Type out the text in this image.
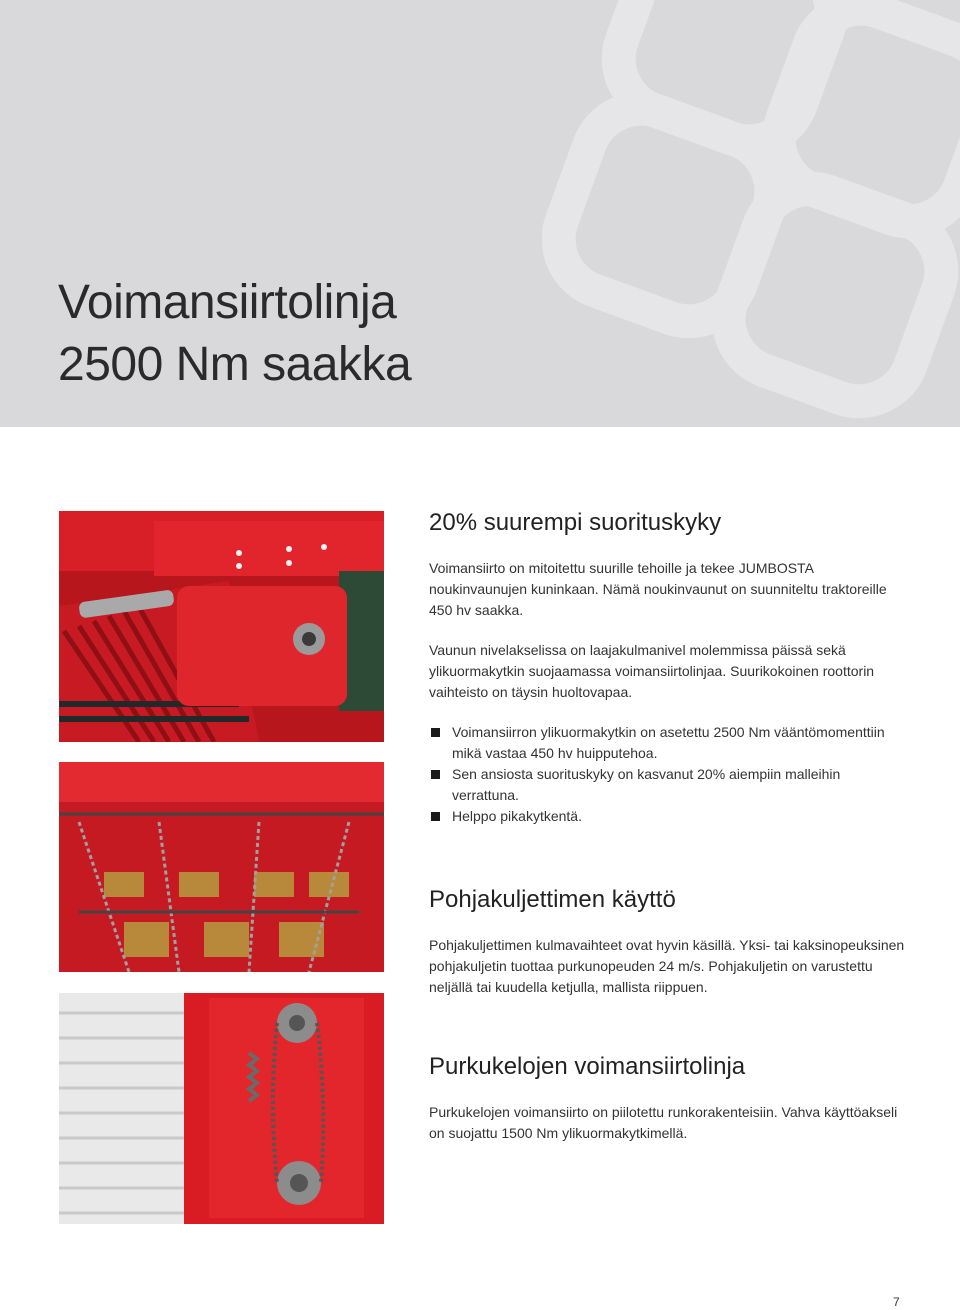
Voimansiirtolinja
2500 Nm saakka
20% suurempi suorituskyky

Voimansiirto on mitoitettu suurille tehoille ja tekee JUMBOSTA noukinvaunujen kuninkaan. Nämä noukinvaunut on suunniteltu traktoreille 450 hv saakka.

Vaunun nivelakselissa on laajakulmanivel molemmissa päissä sekä ylikuormakytkin suojaamassa voimansiirtolinjaa. Suurikokoinen roottorin vaihteisto on täysin huoltovapaa.

Voimansiirron ylikuormakytkin on asetettu 2500 Nm vääntömomenttiin mikä vastaa 450 hv huipputehoa.
Sen ansiosta suorituskyky on kasvanut 20% aiempiin malleihin verrattuna.
Helppo pikakytkentä.
Pohjakuljettimen käyttö

Pohjakuljettimen kulmavaihteet ovat hyvin käsillä. Yksi- tai kaksinopeuksinen pohjakuljetin tuottaa purkunopeuden 24 m/s. Pohjakuljetin on varustettu neljällä tai kuudella ketjulla, mallista riippuen.

Purkukelojen voimansiirtolinja

Purkukelojen voimansiirto on piilotettu runkorakenteisiin. Vahva käyttöakseli on suojattu 1500 Nm ylikuormakytkimellä.

7
